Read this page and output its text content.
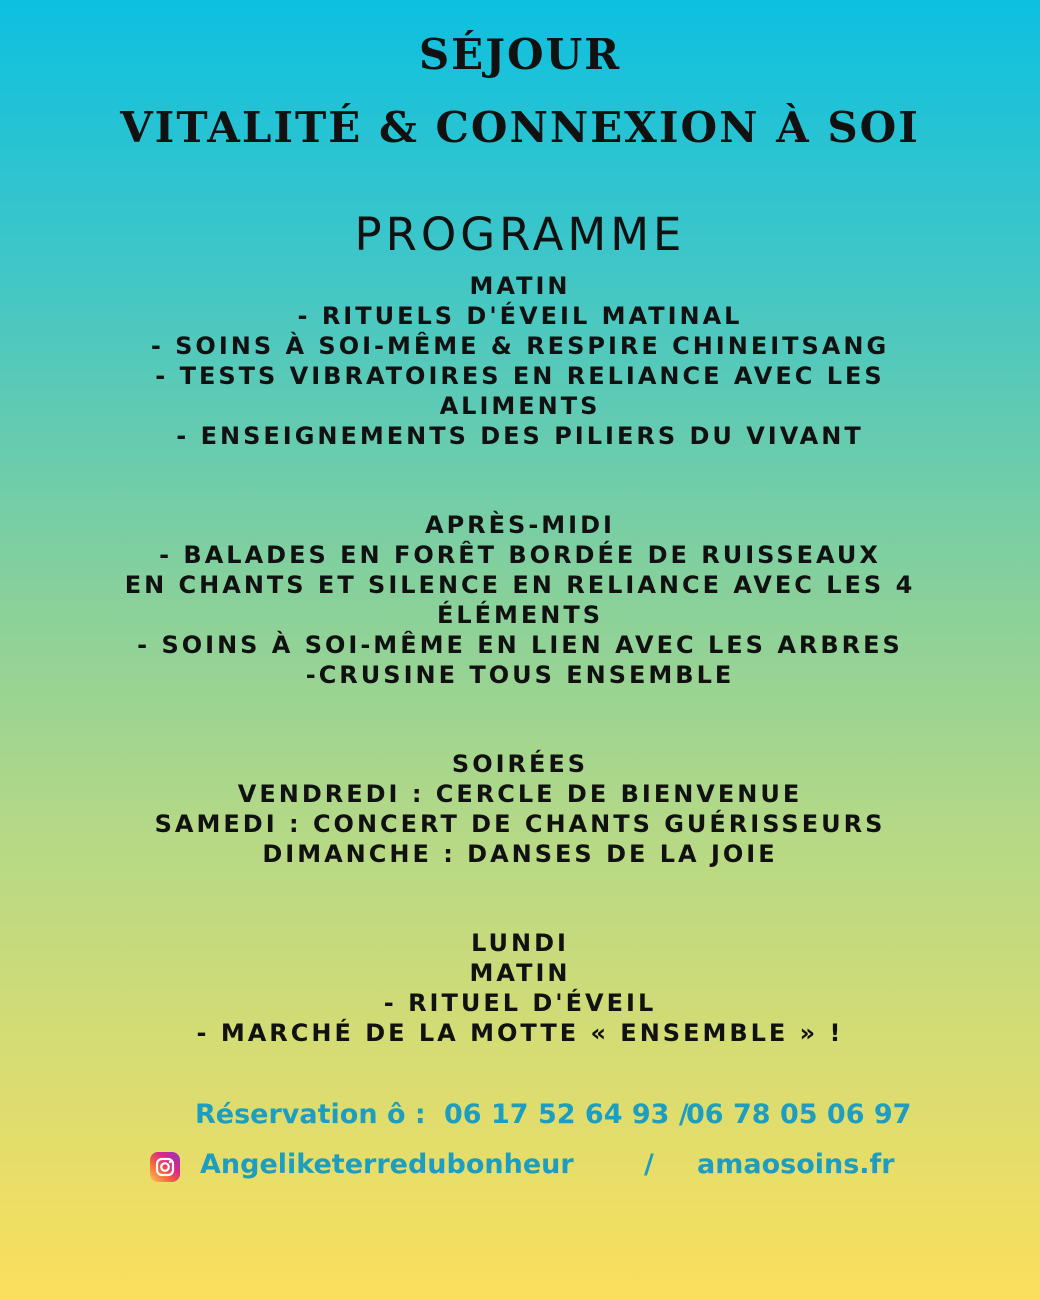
SÉJOUR
VITALITÉ & CONNEXION À SOI
PROGRAMME
MATIN
- RITUELS D'ÉVEIL MATINAL
- SOINS À SOI-MÊME & RESPIRE CHINEITSANG
- TESTS VIBRATOIRES EN RELIANCE AVEC LES
ALIMENTS
- ENSEIGNEMENTS DES PILIERS DU VIVANT
APRÈS-MIDI
- BALADES EN FORÊT BORDÉE DE RUISSEAUX
EN CHANTS ET SILENCE EN RELIANCE AVEC LES 4
ÉLÉMENTS
- SOINS À SOI-MÊME EN LIEN AVEC LES ARBRES
-CRUSINE TOUS ENSEMBLE
SOIRÉES
VENDREDI : CERCLE DE BIENVENUE
SAMEDI : CONCERT DE CHANTS GUÉRISSEURS
DIMANCHE : DANSES DE LA JOIE
LUNDI
MATIN
- RITUEL D'ÉVEIL
- MARCHÉ DE LA MOTTE « ENSEMBLE » !
Réservation ô : 06 17 52 64 93 /
06 78 05 06 97
Angeliketerredubonheur	/ amaosoins.fr
